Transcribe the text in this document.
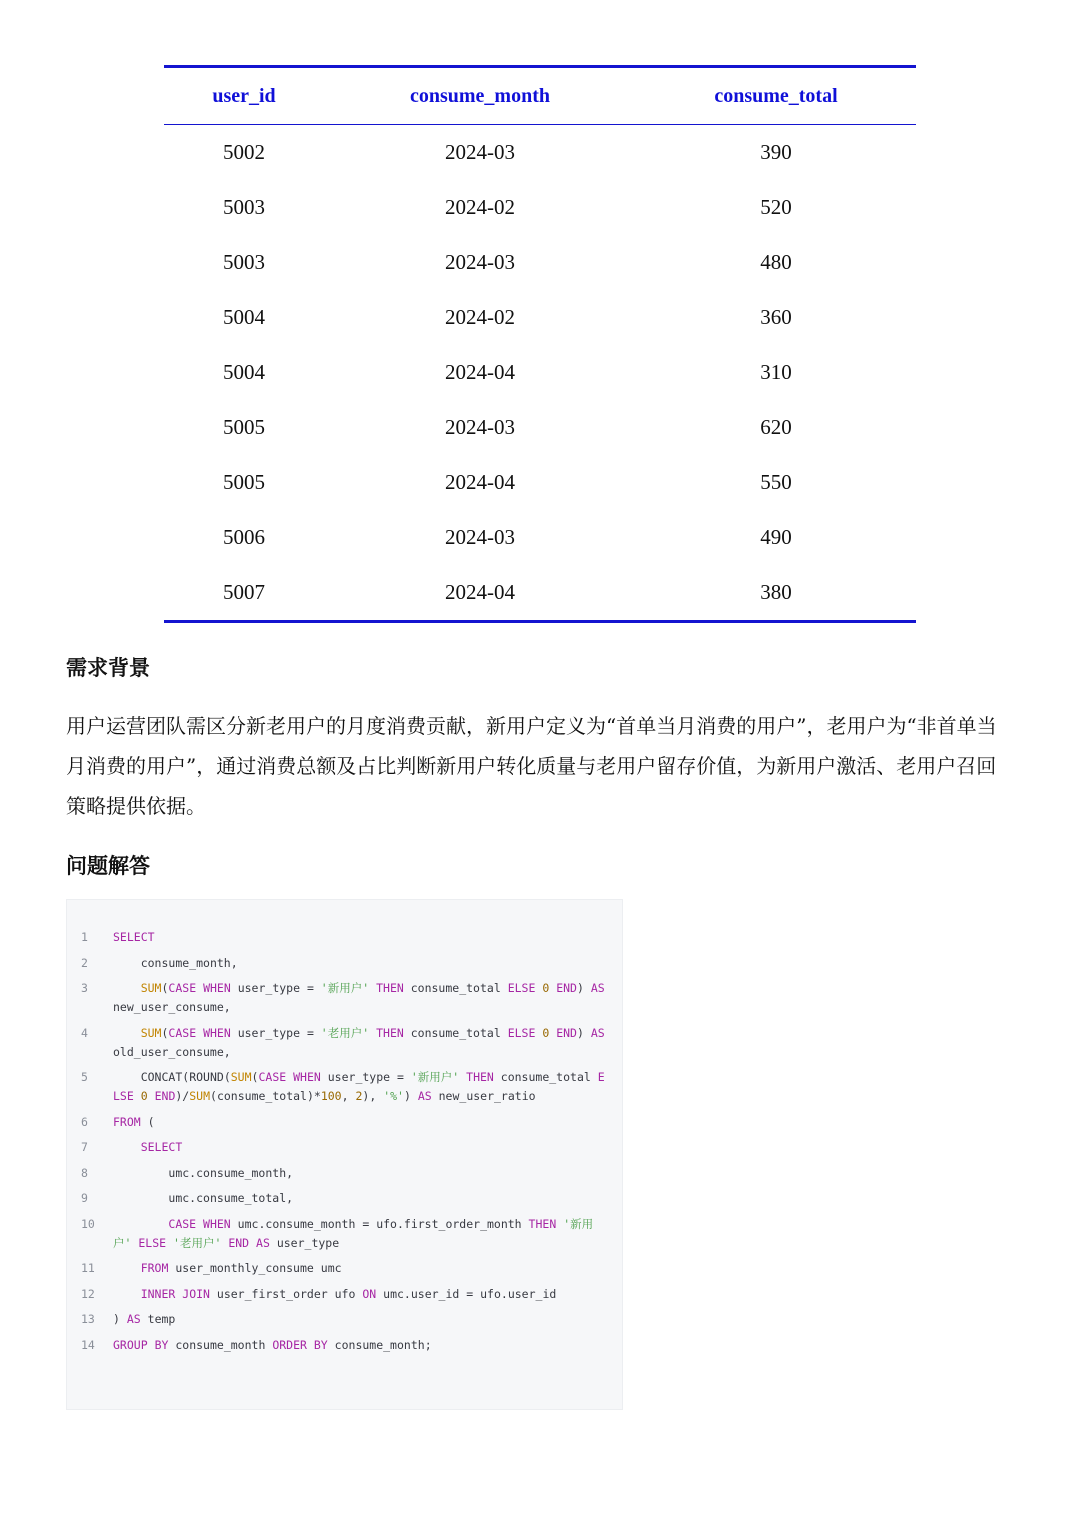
user_id	consume_month	consume_total
5002	2024-03	390
5003	2024-02	520
5003	2024-03	480
5004	2024-02	360
5004	2024-04	310
5005	2024-03	620
5005	2024-04	550
5006	2024-03	490
5007	2024-04	380
需求背景

用户运营团队需区分新老用户的月度消费贡献，新用户定义为“首单当月消费的用户”，老用户为“非首单当月消费的用户”，通过消费总额及占比判断新用户转化质量与老用户留存价值，为新用户激活、老用户召回策略提供依据。

问题解答
1	SELECT
2	consume_month,
3	SUM(CASE WHEN user_type = '新用户' THEN consume_total ELSE 0 END) AS new_user_consume,
4	SUM(CASE WHEN user_type = '老用户' THEN consume_total ELSE 0 END) AS old_user_consume,
5	CONCAT(ROUND(SUM(CASE WHEN user_type = '新用户' THEN consume_total ELSE 0 END)/SUM(consume_total)*100, 2), '%') AS new_user_ratio
6	FROM (
7	SELECT
8	umc.consume_month,
9	umc.consume_total,
10	CASE WHEN umc.consume_month = ufo.first_order_month THEN '新用户' ELSE '老用户' END AS user_type
11	FROM user_monthly_consume umc
12	INNER JOIN user_first_order ufo ON umc.user_id = ufo.user_id
13	) AS temp
14	GROUP BY consume_month ORDER BY consume_month;
